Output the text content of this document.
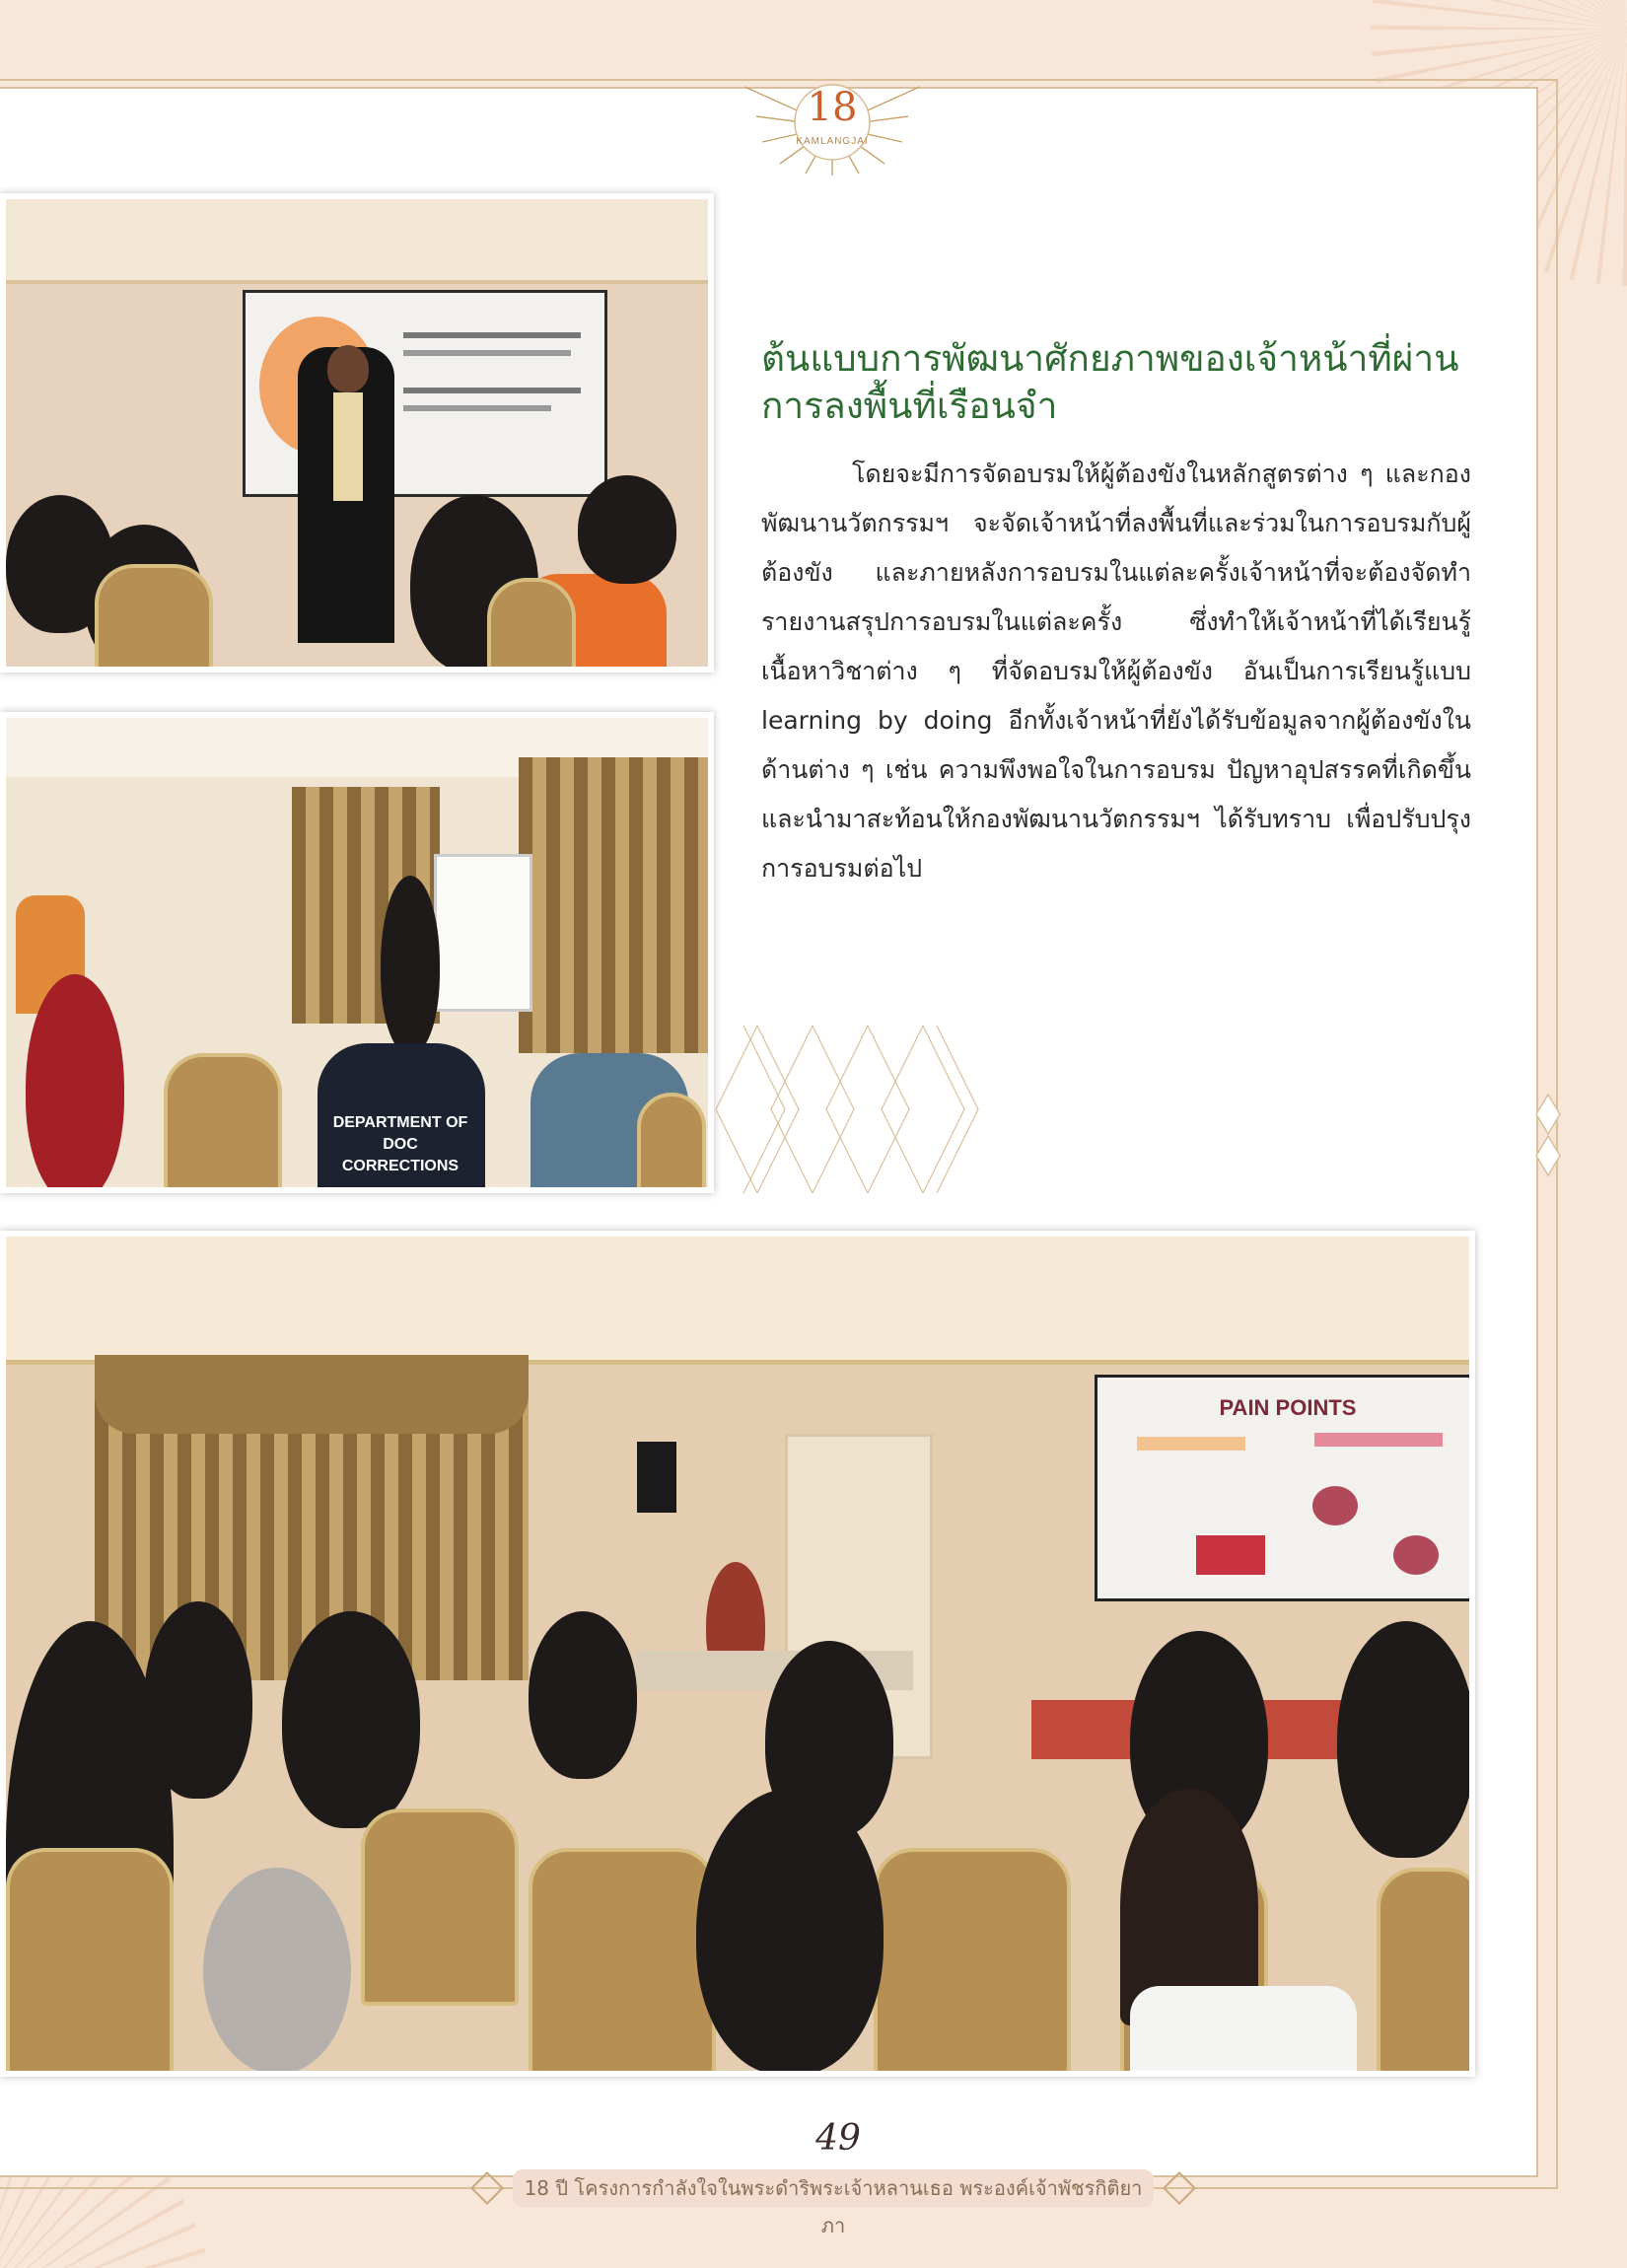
18
KAMLANGJAI
DEPARTMENT OF DOC CORRECTIONS
ต้นแบบการพัฒนาศักยภาพของเจ้าหน้าที่ผ่านการลงพื้นที่เรือนจำ
โดยจะมีการจัดอบรมให้ผู้ต้องขังในหลักสูตรต่าง ๆ และกองพัฒนานวัตกรรมฯ จะจัดเจ้าหน้าที่ลงพื้นที่และร่วมในการอบรมกับผู้ต้องขัง และภายหลังการอบรมในแต่ละครั้งเจ้าหน้าที่จะต้องจัดทำรายงานสรุปการอบรมในแต่ละครั้ง ซึ่งทำให้เจ้าหน้าที่ได้เรียนรู้เนื้อหาวิชาต่าง ๆ ที่จัดอบรมให้ผู้ต้องขัง อันเป็นการเรียนรู้แบบ learning by doing อีกทั้งเจ้าหน้าที่ยังได้รับข้อมูลจากผู้ต้องขังในด้านต่าง ๆ เช่น ความพึงพอใจในการอบรม ปัญหาอุปสรรคที่เกิดขึ้นและนำมาสะท้อนให้กองพัฒนานวัตกรรมฯ ได้รับทราบ เพื่อปรับปรุงการอบรมต่อไป
PAIN POINTS
49
18 ปี โครงการกำลังใจในพระดำริพระเจ้าหลานเธอ พระองค์เจ้าพัชรกิติยาภา
